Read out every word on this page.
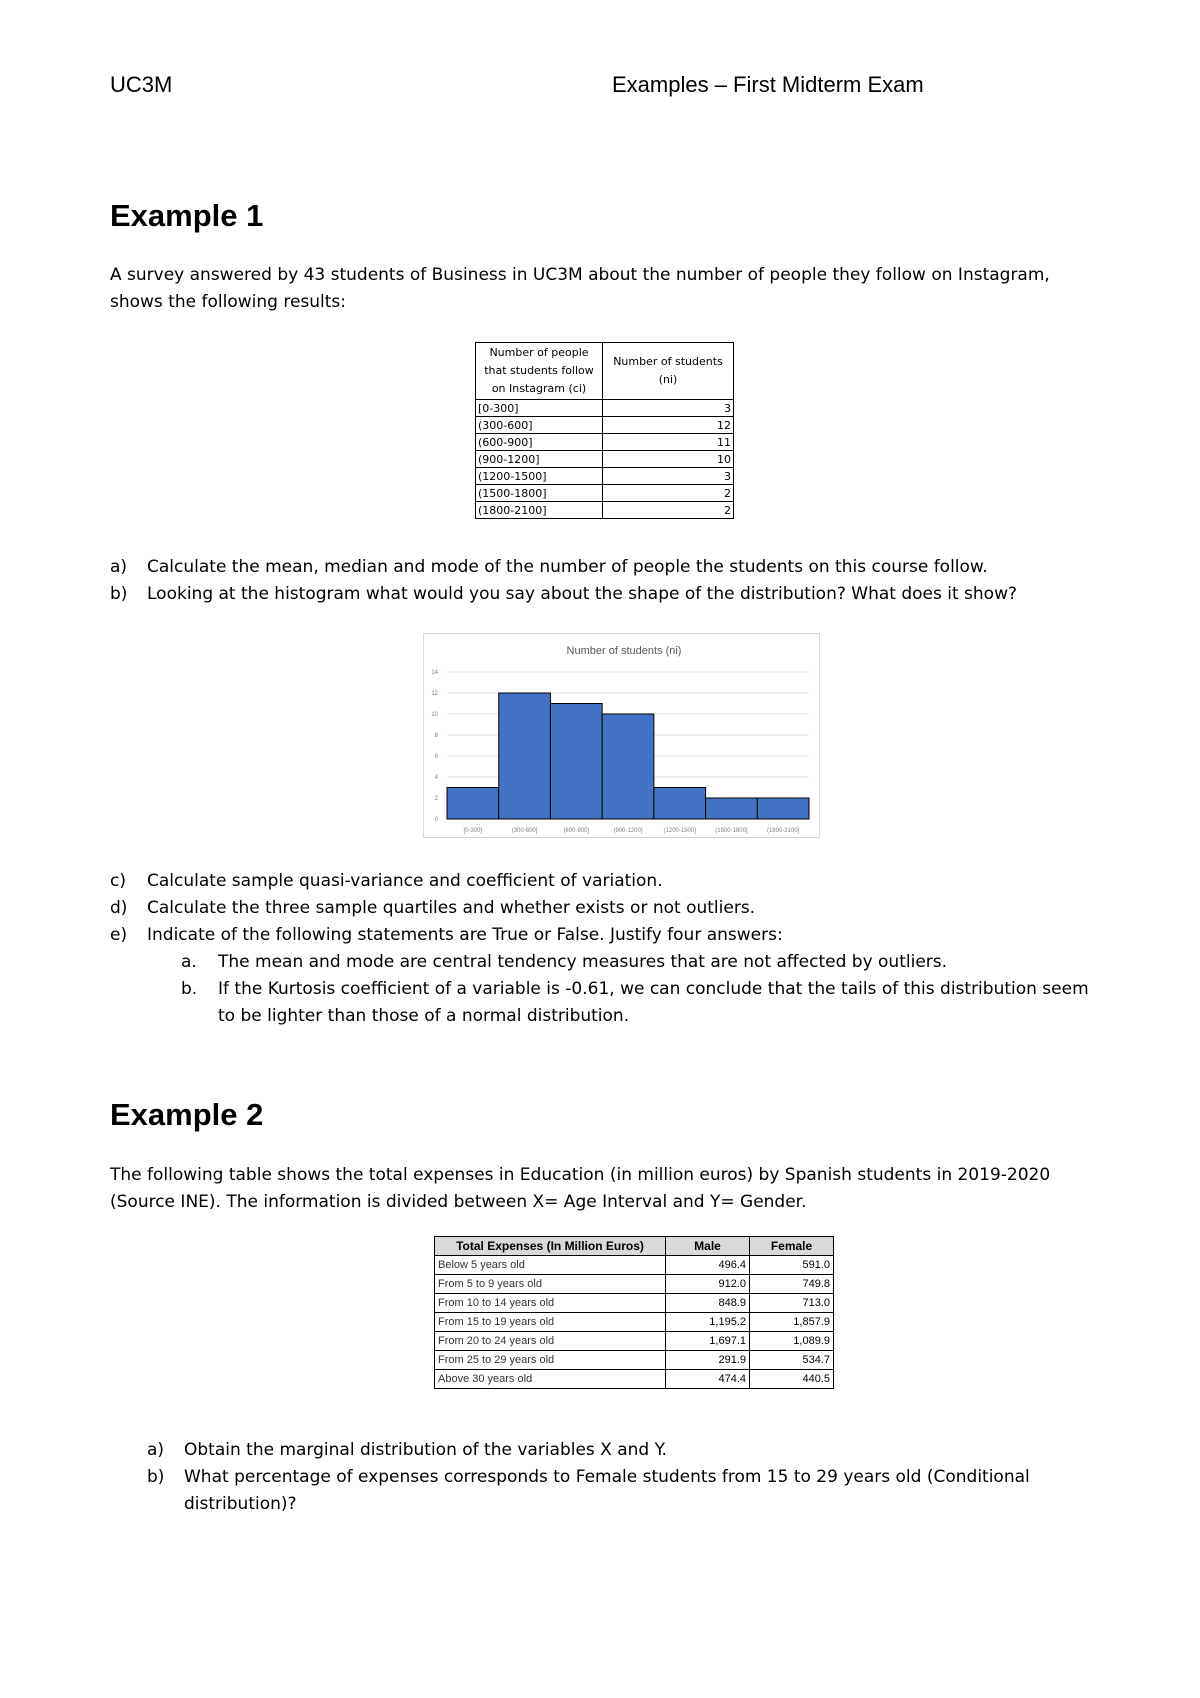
UC3M	Examples – First Midterm Exam
Example 1

A survey answered by 43 students of Business in UC3M about the number of people they follow on Instagram, shows the following results:

Number of people that students follow on Instagram (ci)	Number of students (ni)
[0-300]	3
(300-600]	12
(600-900]	11
(900-1200]	10
(1200-1500]	3
(1500-1800]	2
(1800-2100]	2
a) Calculate the mean, median and mode of the number of people the students on this course follow.
b) Looking at the histogram what would you say about the shape of the distribution? What does it show?
Number of students (ni)
0
2
4
6
8
10
12
14
[0-300]	(300-600]	(600-900]	(900-1200]	(1200-1500]	(1500-1800]	(1800-2100]
c) Calculate sample quasi-variance and coefficient of variation.
d) Calculate the three sample quartiles and whether exists or not outliers.
e) Indicate of the following statements are True or False. Justify four answers:
a. The mean and mode are central tendency measures that are not affected by outliers.
b. If the Kurtosis coefficient of a variable is -0.61, we can conclude that the tails of this distribution seem to be lighter than those of a normal distribution.
Example 2

The following table shows the total expenses in Education (in million euros) by Spanish students in 2019-2020 (Source INE). The information is divided between X= Age Interval and Y= Gender.

Total Expenses (In Million Euros)	Male	Female
Below 5 years old	496.4	591.0
From 5 to 9 years old	912.0	749.8
From 10 to 14 years old	848.9	713.0
From 15 to 19 years old	1,195.2	1,857.9
From 20 to 24 years old	1,697.1	1,089.9
From 25 to 29 years old	291.9	534.7
Above 30 years old	474.4	440.5
a) Obtain the marginal distribution of the variables X and Y.
b) What percentage of expenses corresponds to Female students from 15 to 29 years old (Conditional distribution)?
